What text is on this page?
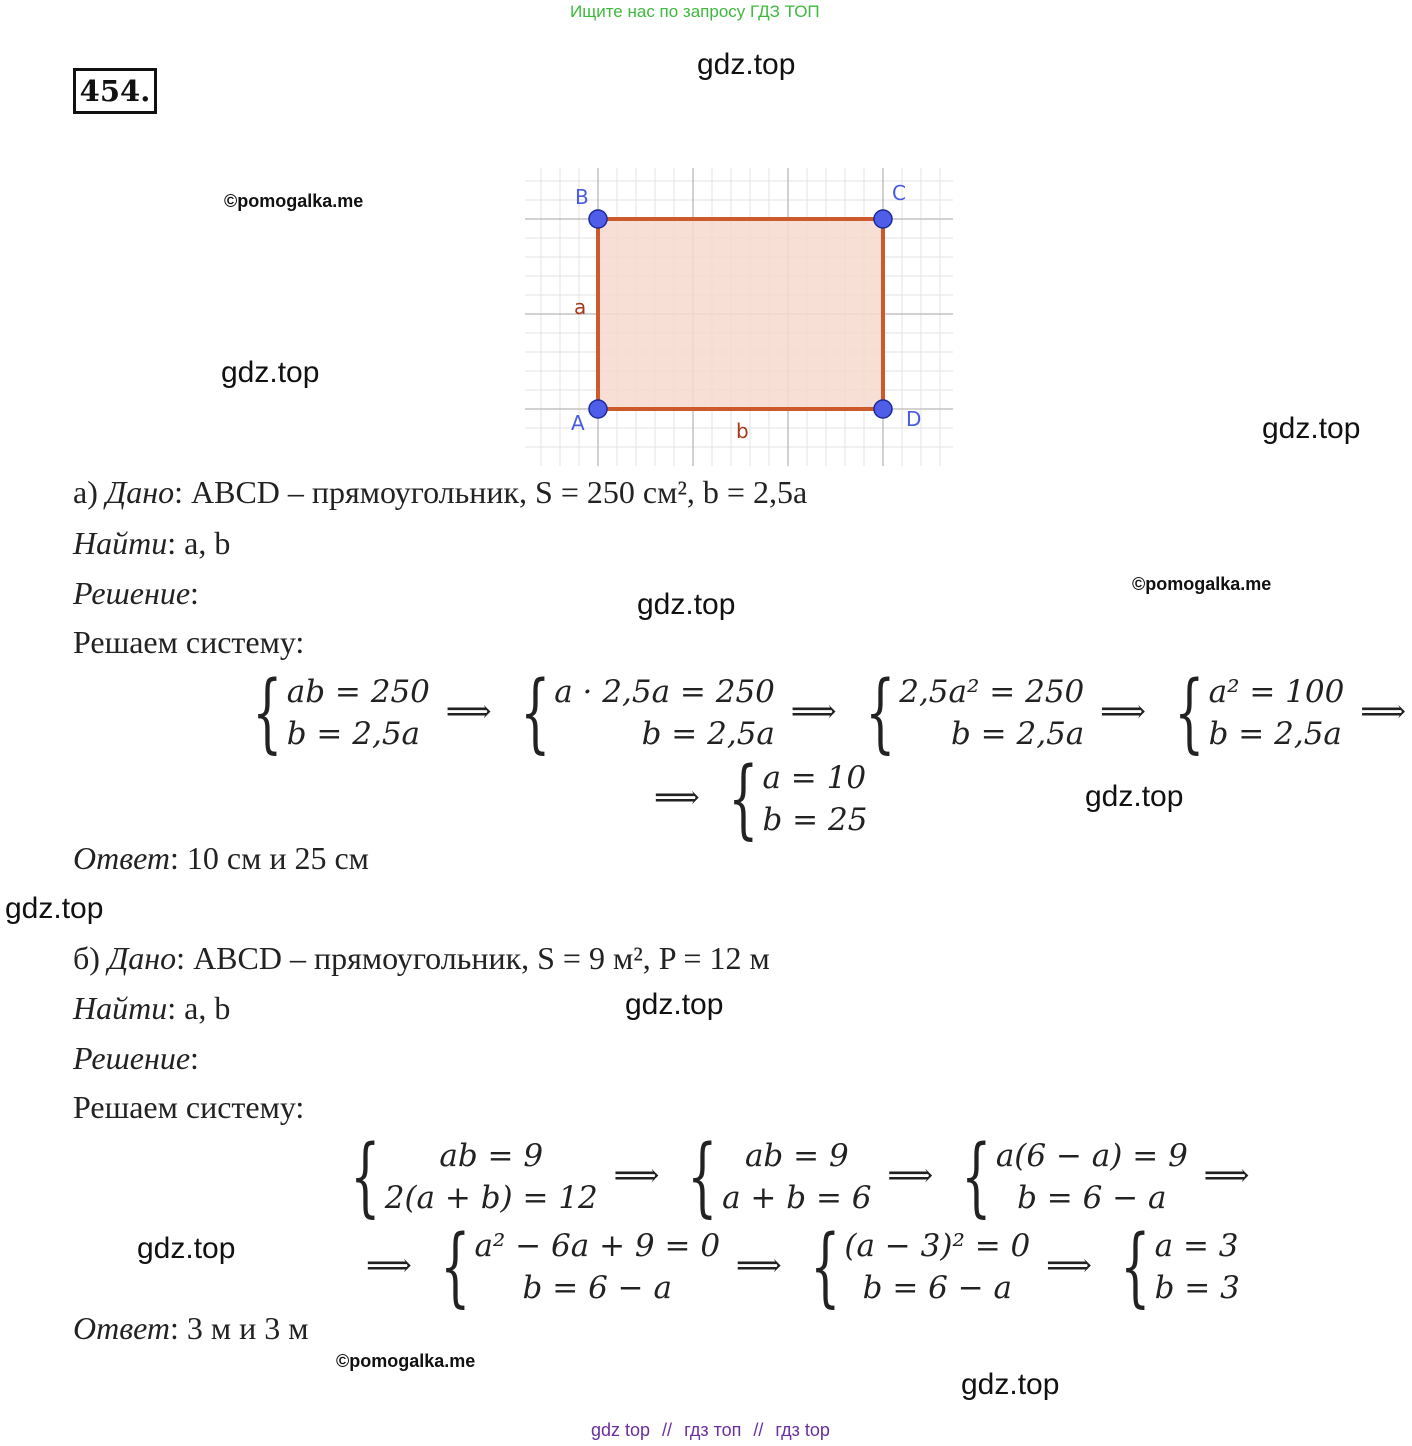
Ищите нас по запросу ГДЗ ТОП
454.
gdz.top
gdz.top
gdz.top
gdz.top
gdz.top
gdz.top
gdz.top
gdz.top
gdz.top
©pomogalka.me
©pomogalka.me
©pomogalka.me
B	C
A	D
a
b
а) Дано: ABCD – прямоугольник, S = 250 см², b = 2,5a
Найти: a, b
Решение:
Решаем систему:
{ ab = 250
b = 2,5a
⟹ { a · 2,5a = 250
b = 2,5a
⟹ { 2,5a² = 250
b = 2,5a
⟹ { a² = 100
b = 2,5a
⟹
⟹ { a = 10
b = 25
Ответ: 10 см и 25 см
б) Дано: ABCD – прямоугольник, S = 9 м², P = 12 м
Найти: a, b
Решение:
Решаем систему:
{	ab = 9
2(a + b) = 12
⟹ { ab = 9
a + b = 6
⟹ { a(6 − a) = 9
b = 6 − a
⟹
⟹ { a² − 6a + 9 = 0
b = 6 − a
⟹ { (a − 3)² = 0
b = 6 − a
⟹ { a = 3
b = 3
Ответ: 3 м и 3 м
gdz top // гдз топ // гдз top
